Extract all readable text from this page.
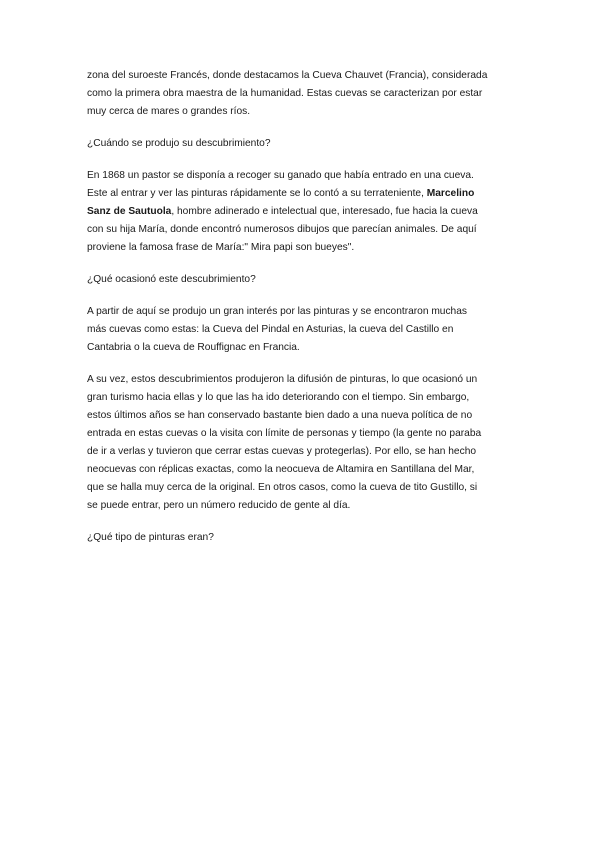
zona del suroeste Francés, donde destacamos la Cueva Chauvet (Francia), considerada
como la primera obra maestra de la humanidad. Estas cuevas se caracterizan por estar
muy cerca de mares o grandes ríos.
¿Cuándo se produjo su descubrimiento?
En 1868 un pastor se disponía a recoger su ganado que había entrado en una cueva.
Este al entrar y ver las pinturas rápidamente se lo contó a su terrateniente, Marcelino
Sanz de Sautuola, hombre adinerado e intelectual que, interesado, fue hacia la cueva
con su hija María, donde encontró numerosos dibujos que parecían animales. De aquí
proviene la famosa frase de María:" Mira papi son bueyes".
¿Qué ocasionó este descubrimiento?
A partir de aquí se produjo un gran interés por las pinturas y se encontraron muchas
más cuevas como estas: la Cueva del Pindal en Asturias, la cueva del Castillo en
Cantabria o la cueva de Rouffignac en Francia.
A su vez, estos descubrimientos produjeron la difusión de pinturas, lo que ocasionó un
gran turismo hacia ellas y lo que las ha ido deteriorando con el tiempo. Sin embargo,
estos últimos años se han conservado bastante bien dado a una nueva política de no
entrada en estas cuevas o la visita con límite de personas y tiempo (la gente no paraba
de ir a verlas y tuvieron que cerrar estas cuevas y protegerlas). Por ello, se han hecho
neocuevas con réplicas exactas, como la neocueva de Altamira en Santillana del Mar,
que se halla muy cerca de la original. En otros casos, como la cueva de tito Gustillo, si
se puede entrar, pero un número reducido de gente al día.
¿Qué tipo de pinturas eran?
